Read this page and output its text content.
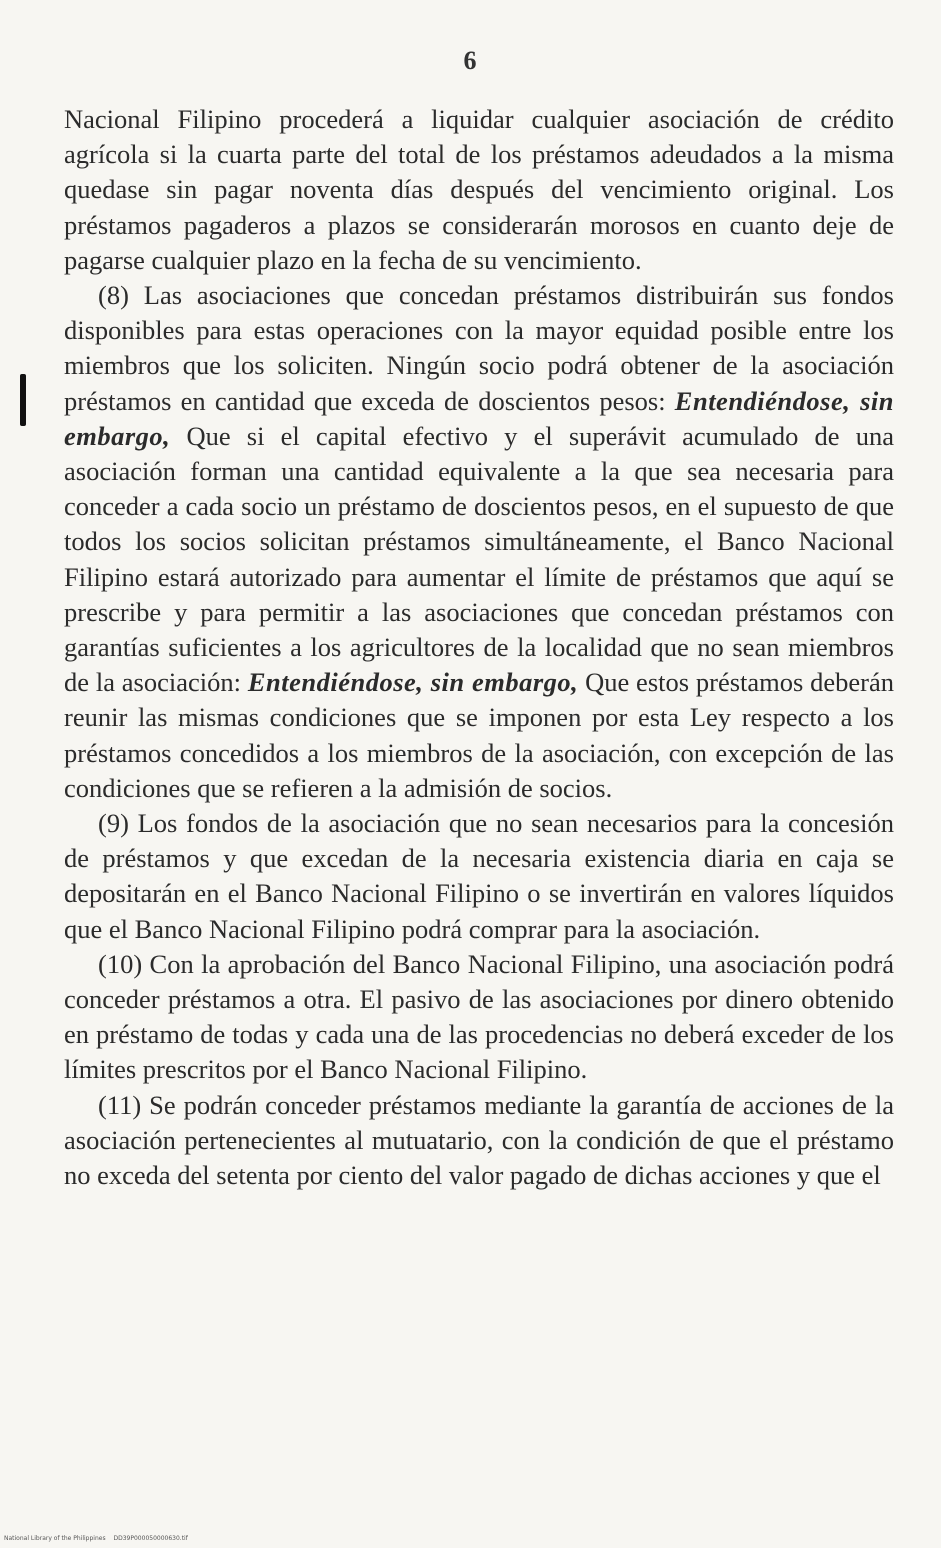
6

Nacional Filipino procederá a liquidar cualquier asociación de crédito agrícola si la cuarta parte del total de los préstamos adeudados a la misma quedase sin pagar noventa días después del vencimiento original. Los préstamos pagaderos a plazos se considerarán morosos en cuanto deje de pagarse cualquier plazo en la fecha de su vencimiento.

(8) Las asociaciones que concedan préstamos distribuirán sus fondos disponibles para estas operaciones con la mayor equidad posible entre los miembros que los soliciten. Ningún socio podrá obtener de la asociación préstamos en cantidad que exceda de doscientos pesos: Entendiéndose, sin embargo, Que si el capital efectivo y el superávit acumulado de una asociación forman una cantidad equivalente a la que sea necesaria para conceder a cada socio un préstamo de doscientos pesos, en el supuesto de que todos los socios solicitan préstamos simultáneamente, el Banco Nacional Filipino estará autorizado para aumentar el límite de préstamos que aquí se prescribe y para permitir a las asociaciones que concedan préstamos con garantías suficientes a los agricultores de la localidad que no sean miembros de la asociación: Entendiéndose, sin embargo, Que estos préstamos deberán reunir las mismas condiciones que se imponen por esta Ley respecto a los préstamos concedidos a los miembros de la asociación, con excepción de las condiciones que se refieren a la admisión de socios.

(9) Los fondos de la asociación que no sean necesarios para la concesión de préstamos y que excedan de la necesaria existencia diaria en caja se depositarán en el Banco Nacional Filipino o se invertirán en valores líquidos que el Banco Nacional Filipino podrá comprar para la asociación.

(10) Con la aprobación del Banco Nacional Filipino, una asociación podrá conceder préstamos a otra. El pasivo de las asociaciones por dinero obtenido en préstamo de todas y cada una de las procedencias no deberá exceder de los límites prescritos por el Banco Nacional Filipino.

(11) Se podrán conceder préstamos mediante la garantía de acciones de la asociación pertenecientes al mutuatario, con la condición de que el préstamo no exceda del setenta por ciento del valor pagado de dichas acciones y que el

National Library of the Philippines DD39P000050000630.tif
